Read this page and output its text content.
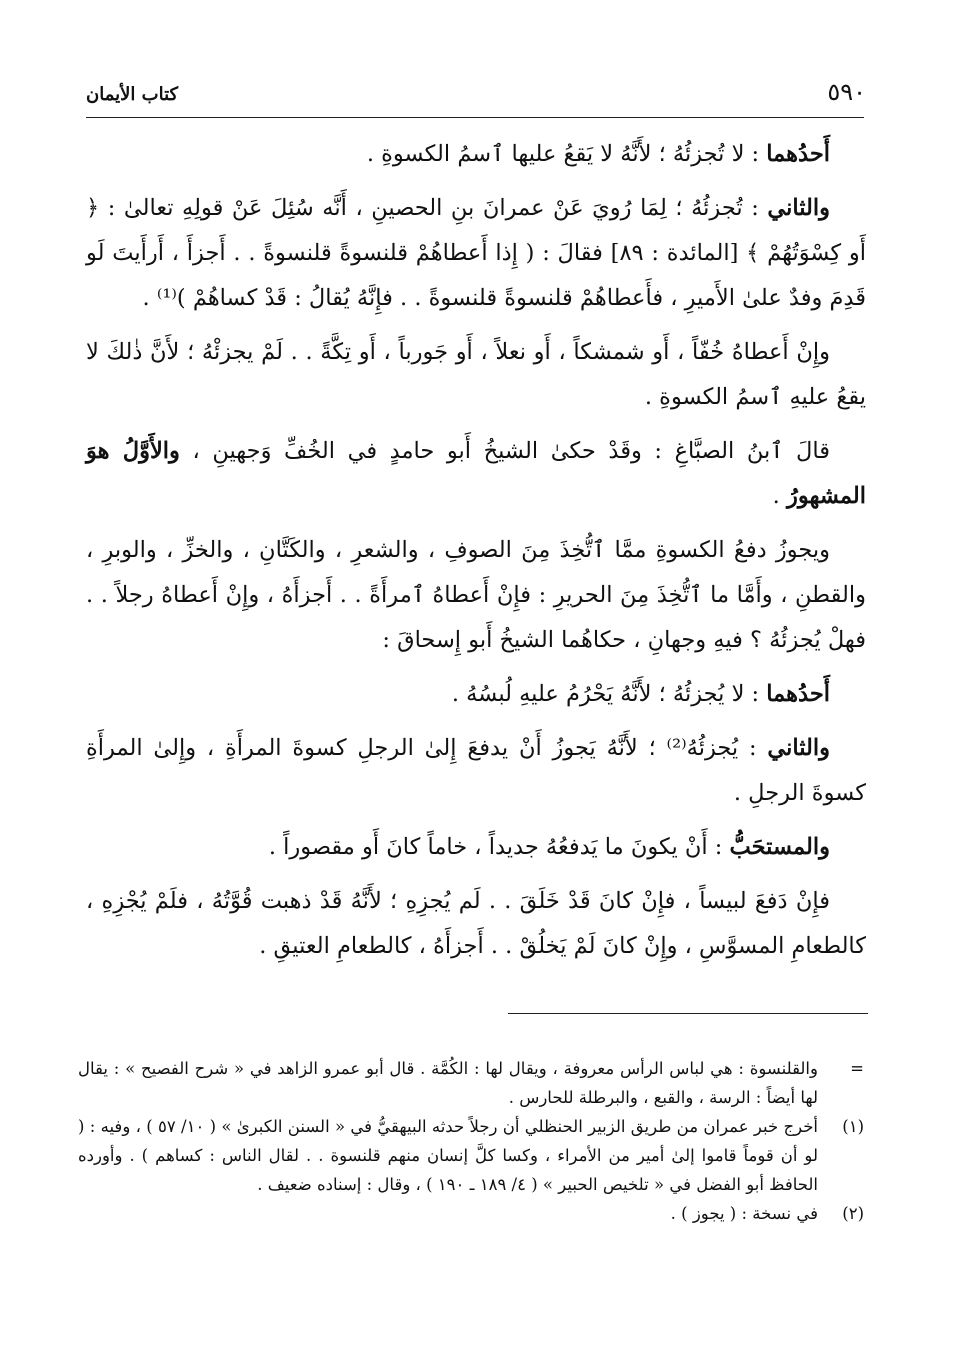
٥٩٠
كتاب الأيمان

أَحدُهما : لا تُجزئُهُ ؛ لأَنَّهُ لا يَقعُ عليها ٱسمُ الكسوةِ .

والثاني : تُجزئُهُ ؛ لِمَا رُويَ عَنْ عمرانَ بنِ الحصينِ ، أَنَّه سُئِلَ عَنْ قولِهِ تعالىٰ : ﴿ أَو كِسْوَتُهُمْ ﴾ [المائدة : ٨٩] فقالَ : ( إِذا أَعطاهُمْ قلنسوةً قلنسوةً . . أَجزأَ ، أَرأَيتَ لَو قَدِمَ وفدٌ علىٰ الأَميرِ ، فأَعطاهُمْ قلنسوةً قلنسوةً . . فإِنَّهُ يُقالُ : قَدْ كساهُمْ )⁽¹⁾ .

وإِنْ أَعطاهُ خُفّاً ، أَو شمشكاً ، أَو نعلاً ، أَو جَورباً ، أَو تِكَّةً . . لَمْ يجزئْهُ ؛ لأَنَّ ذٰلكَ لا يقعُ عليهِ ٱسمُ الكسوةِ .

قالَ ٱبنُ الصبَّاغِ : وقَدْ حكىٰ الشيخُ أَبو حامدٍ في الخُفِّ وَجهينِ ، والأَوَّلُ هوَ المشهورُ .

ويجوزُ دفعُ الكسوةِ ممَّا ٱتُّخِذَ مِنَ الصوفِ ، والشعرِ ، والكَتَّانِ ، والخزِّ ، والوبرِ ، والقطنِ ، وأَمَّا ما ٱتُّخِذَ مِنَ الحريرِ : فإِنْ أَعطاهُ ٱمرأَةً . . أَجزأَهُ ، وإِنْ أَعطاهُ رجلاً . . فهلْ يُجزئُهُ ؟ فيهِ وجهانِ ، حكاهُما الشيخُ أَبو إِسحاقَ :

أَحدُهما : لا يُجزئُهُ ؛ لأَنَّهُ يَحْرُمُ عليهِ لُبسُهُ .

والثاني : يُجزئُهُ⁽²⁾ ؛ لأَنَّهُ يَجوزُ أَنْ يدفعَ إِلىٰ الرجلِ كسوةَ المرأَةِ ، وإِلىٰ المرأَةِ كسوةَ الرجلِ .

والمستحَبُّ : أَنْ يكونَ ما يَدفعُهُ جديداً ، خاماً كانَ أَو مقصوراً .

فإِنْ دَفعَ لبيساً ، فإِنْ كانَ قَدْ خَلَقَ . . لَم يُجزِهِ ؛ لأَنَّهُ قَدْ ذهبت قُوَّتُهُ ، فلَمْ يُجْزِهِ ، كالطعامِ المسوَّسِ ، وإِنْ كانَ لَمْ يَخلُقْ . . أَجزأَهُ ، كالطعامِ العتيقِ .

=
والقلنسوة : هي لباس الرأس معروفة ، ويقال لها : الكُمَّة . قال أبو عمرو الزاهد في « شرح الفصيح » : يقال لها أيضاً : الرسة ، والقبع ، والبرطلة للحارس .
(١)
أخرج خبر عمران من طريق الزبير الحنظلي أن رجلاً حدثه البيهقيُّ في « السنن الكبرىٰ » ( ١٠/ ٥٧ ) ، وفيه : ( لو أن قوماً قاموا إلىٰ أمير من الأمراء ، وكسا كلَّ إنسان منهم قلنسوة . . لقال الناس : كساهم ) . وأورده الحافظ أبو الفضل في « تلخيص الحبير » ( ٤/ ١٨٩ ـ ١٩٠ ) ، وقال : إسناده ضعيف .
(٢)
في نسخة : ( يجوز ) .
